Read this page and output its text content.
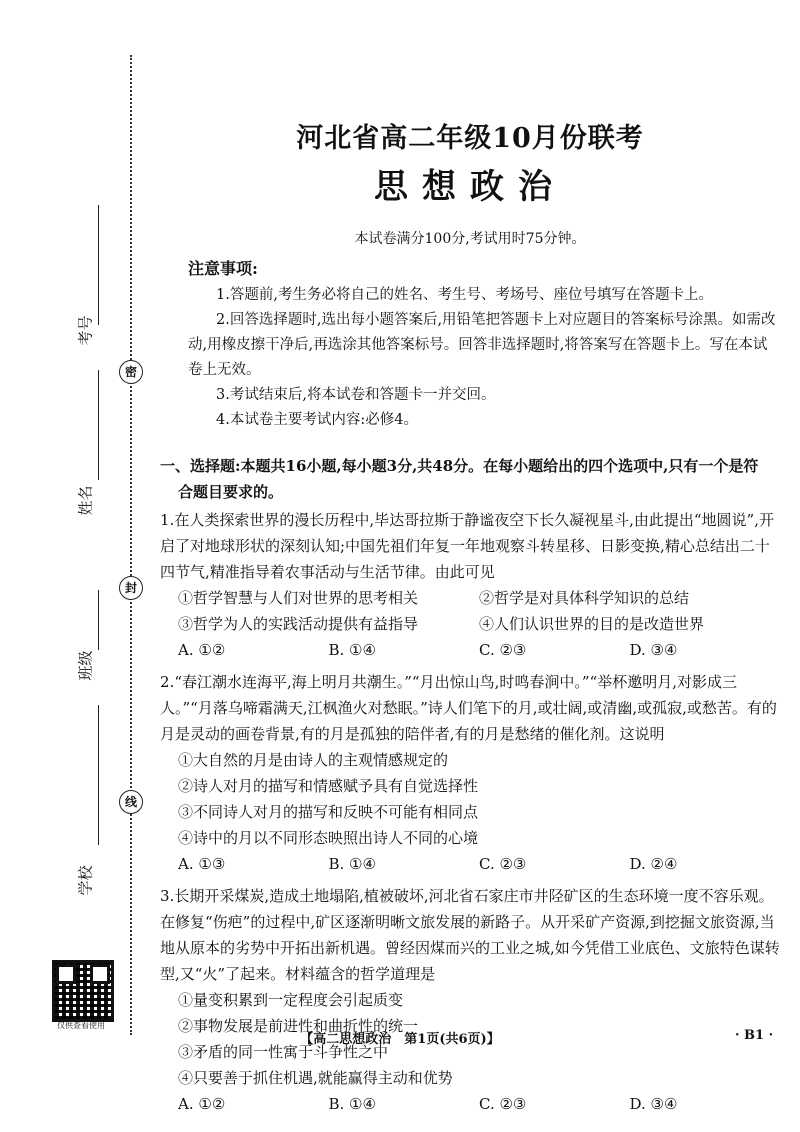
密
封
线
考号
姓名
班级
学校
仅供查看使用
河北省高二年级10月份联考
思想政治
本试卷满分100分,考试用时75分钟。
注意事项:
1.答题前,考生务必将自己的姓名、考生号、考场号、座位号填写在答题卡上。
2.回答选择题时,选出每小题答案后,用铅笔把答题卡上对应题目的答案标号涂黑。如需改动,用橡皮擦干净后,再选涂其他答案标号。回答非选择题时,将答案写在答题卡上。写在本试卷上无效。
3.考试结束后,将本试卷和答题卡一并交回。
4.本试卷主要考试内容:必修4。
一、选择题:本题共16小题,每小题3分,共48分。在每小题给出的四个选项中,只有一个是符
合题目要求的。
1.在人类探索世界的漫长历程中,毕达哥拉斯于静谧夜空下长久凝视星斗,由此提出“地圆说”,开启了对地球形状的深刻认知;中国先祖们年复一年地观察斗转星移、日影变换,精心总结出二十四节气,精准指导着农事活动与生活节律。由此可见
①哲学智慧与人们对世界的思考相关	②哲学是对具体科学知识的总结
③哲学为人的实践活动提供有益指导	④人们认识世界的目的是改造世界
A. ①②	B. ①④	C. ②③	D. ③④
2.“春江潮水连海平,海上明月共潮生。”“月出惊山鸟,时鸣春涧中。”“举杯邀明月,对影成三人。”“月落乌啼霜满天,江枫渔火对愁眠。”诗人们笔下的月,或壮阔,或清幽,或孤寂,或愁苦。有的月是灵动的画卷背景,有的月是孤独的陪伴者,有的月是愁绪的催化剂。这说明
①大自然的月是由诗人的主观情感规定的
②诗人对月的描写和情感赋予具有自觉选择性
③不同诗人对月的描写和反映不可能有相同点
④诗中的月以不同形态映照出诗人不同的心境
A. ①③	B. ①④	C. ②③	D. ②④
3.长期开采煤炭,造成土地塌陷,植被破坏,河北省石家庄市井陉矿区的生态环境一度不容乐观。在修复“伤疤”的过程中,矿区逐渐明晰文旅发展的新路子。从开采矿产资源,到挖掘文旅资源,当地从原本的劣势中开拓出新机遇。曾经因煤而兴的工业之城,如今凭借工业底色、文旅特色谋转型,又“火”了起来。材料蕴含的哲学道理是
①量变积累到一定程度会引起质变
②事物发展是前进性和曲折性的统一
③矛盾的同一性寓于斗争性之中
④只要善于抓住机遇,就能赢得主动和优势
A. ①②	B. ①④	C. ②③	D. ③④
【高二思想政治　第1页(共6页)】	· B1 ·
